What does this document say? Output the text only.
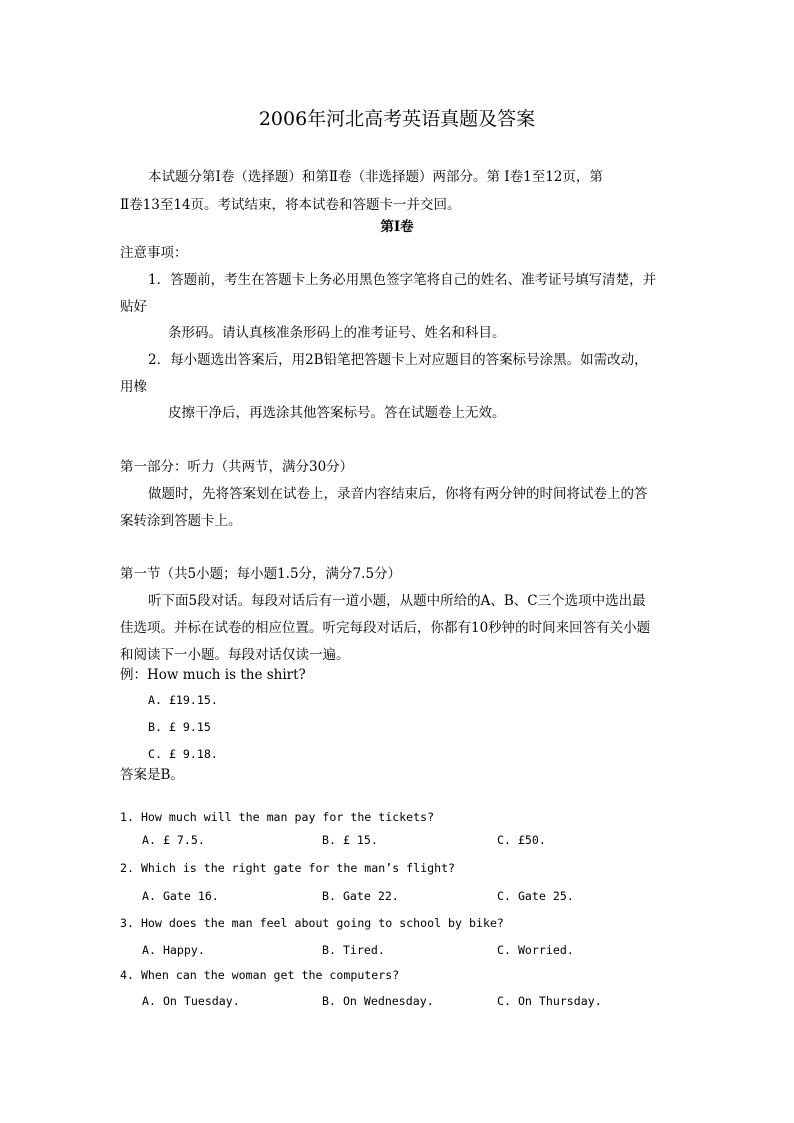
2006年河北高考英语真题及答案
本试题分第Ⅰ卷（选择题）和第Ⅱ卷（非选择题）两部分。第 Ⅰ卷1至12页，第
Ⅱ卷13至14页。考试结束，将本试卷和答题卡一并交回。
第Ⅰ卷
注意事项：
1．答题前，考生在答题卡上务必用黑色签字笔将自己的姓名、准考证号填写清楚，并
贴好
条形码。请认真核准条形码上的准考证号、姓名和科目。
2．每小题选出答案后，用2B铅笔把答题卡上对应题目的答案标号涂黑。如需改动，
用橡
皮擦干净后，再选涂其他答案标号。答在试题卷上无效。
第一部分：听力（共两节，满分30分）
做题时，先将答案划在试卷上，录音内容结束后，你将有两分钟的时间将试卷上的答
案转涂到答题卡上。
第一节（共5小题；每小题1.5分，满分7.5分）
听下面5段对话。每段对话后有一道小题，从题中所给的A、B、C三个选项中选出最
佳选项。并标在试卷的相应位置。听完每段对话后，你都有10秒钟的时间来回答有关小题
和阅读下一小题。每段对话仅读一遍。
例：How much is the shirt?
A. £19.15.
B. £ 9.15
C. £ 9.18.
答案是B。
1. How much will the man pay for the tickets?
A. £ 7.5.	B. £ 15.	C. £50.
2. Which is the right gate for the man’s flight?
A. Gate 16.	B. Gate 22.	C. Gate 25.
3. How does the man feel about going to school by bike?
A. Happy.	B. Tired.	C. Worried.
4. When can the woman get the computers?
A. On Tuesday.	B. On Wednesday.	C. On Thursday.
